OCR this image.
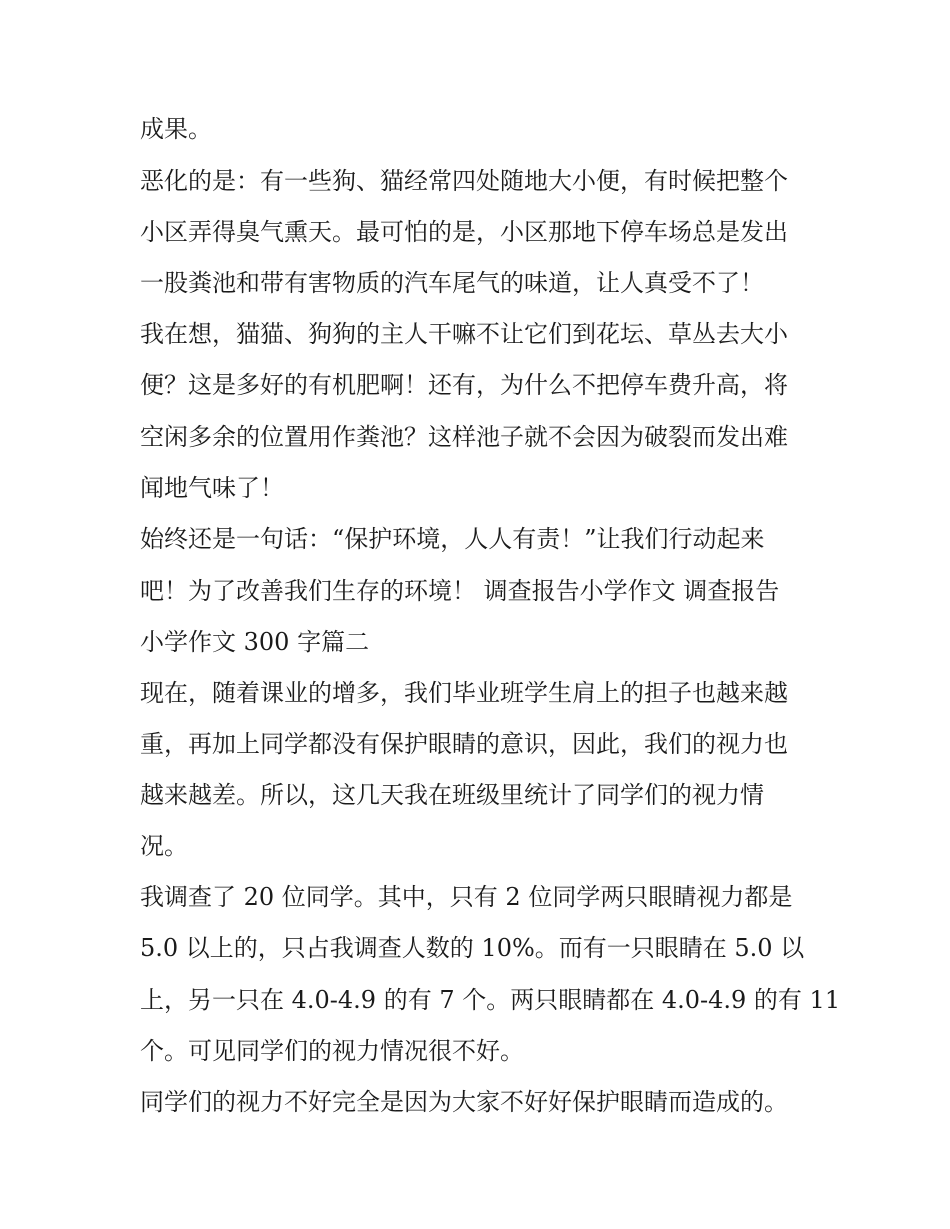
成果。
恶化的是：有一些狗、猫经常四处随地大小便，有时候把整个
小区弄得臭气熏天。最可怕的是，小区那地下停车场总是发出
一股粪池和带有害物质的汽车尾气的味道，让人真受不了！
我在想，猫猫、狗狗的主人干嘛不让它们到花坛、草丛去大小
便？这是多好的有机肥啊！还有，为什么不把停车费升高，将
空闲多余的位置用作粪池？这样池子就不会因为破裂而发出难
闻地气味了！
始终还是一句话：“保护环境，人人有责！”让我们行动起来
吧！为了改善我们生存的环境！ 调查报告小学作文 调查报告
小学作文 300 字篇二
现在，随着课业的增多，我们毕业班学生肩上的担子也越来越
重，再加上同学都没有保护眼睛的意识，因此，我们的视力也
越来越差。所以，这几天我在班级里统计了同学们的视力情
况。
我调查了 20 位同学。其中，只有 2 位同学两只眼睛视力都是
5.0 以上的，只占我调查人数的 10%。而有一只眼睛在 5.0 以
上，另一只在 4.0-4.9 的有 7 个。两只眼睛都在 4.0-4.9 的有 11
个。可见同学们的视力情况很不好。
同学们的视力不好完全是因为大家不好好保护眼睛而造成的。
